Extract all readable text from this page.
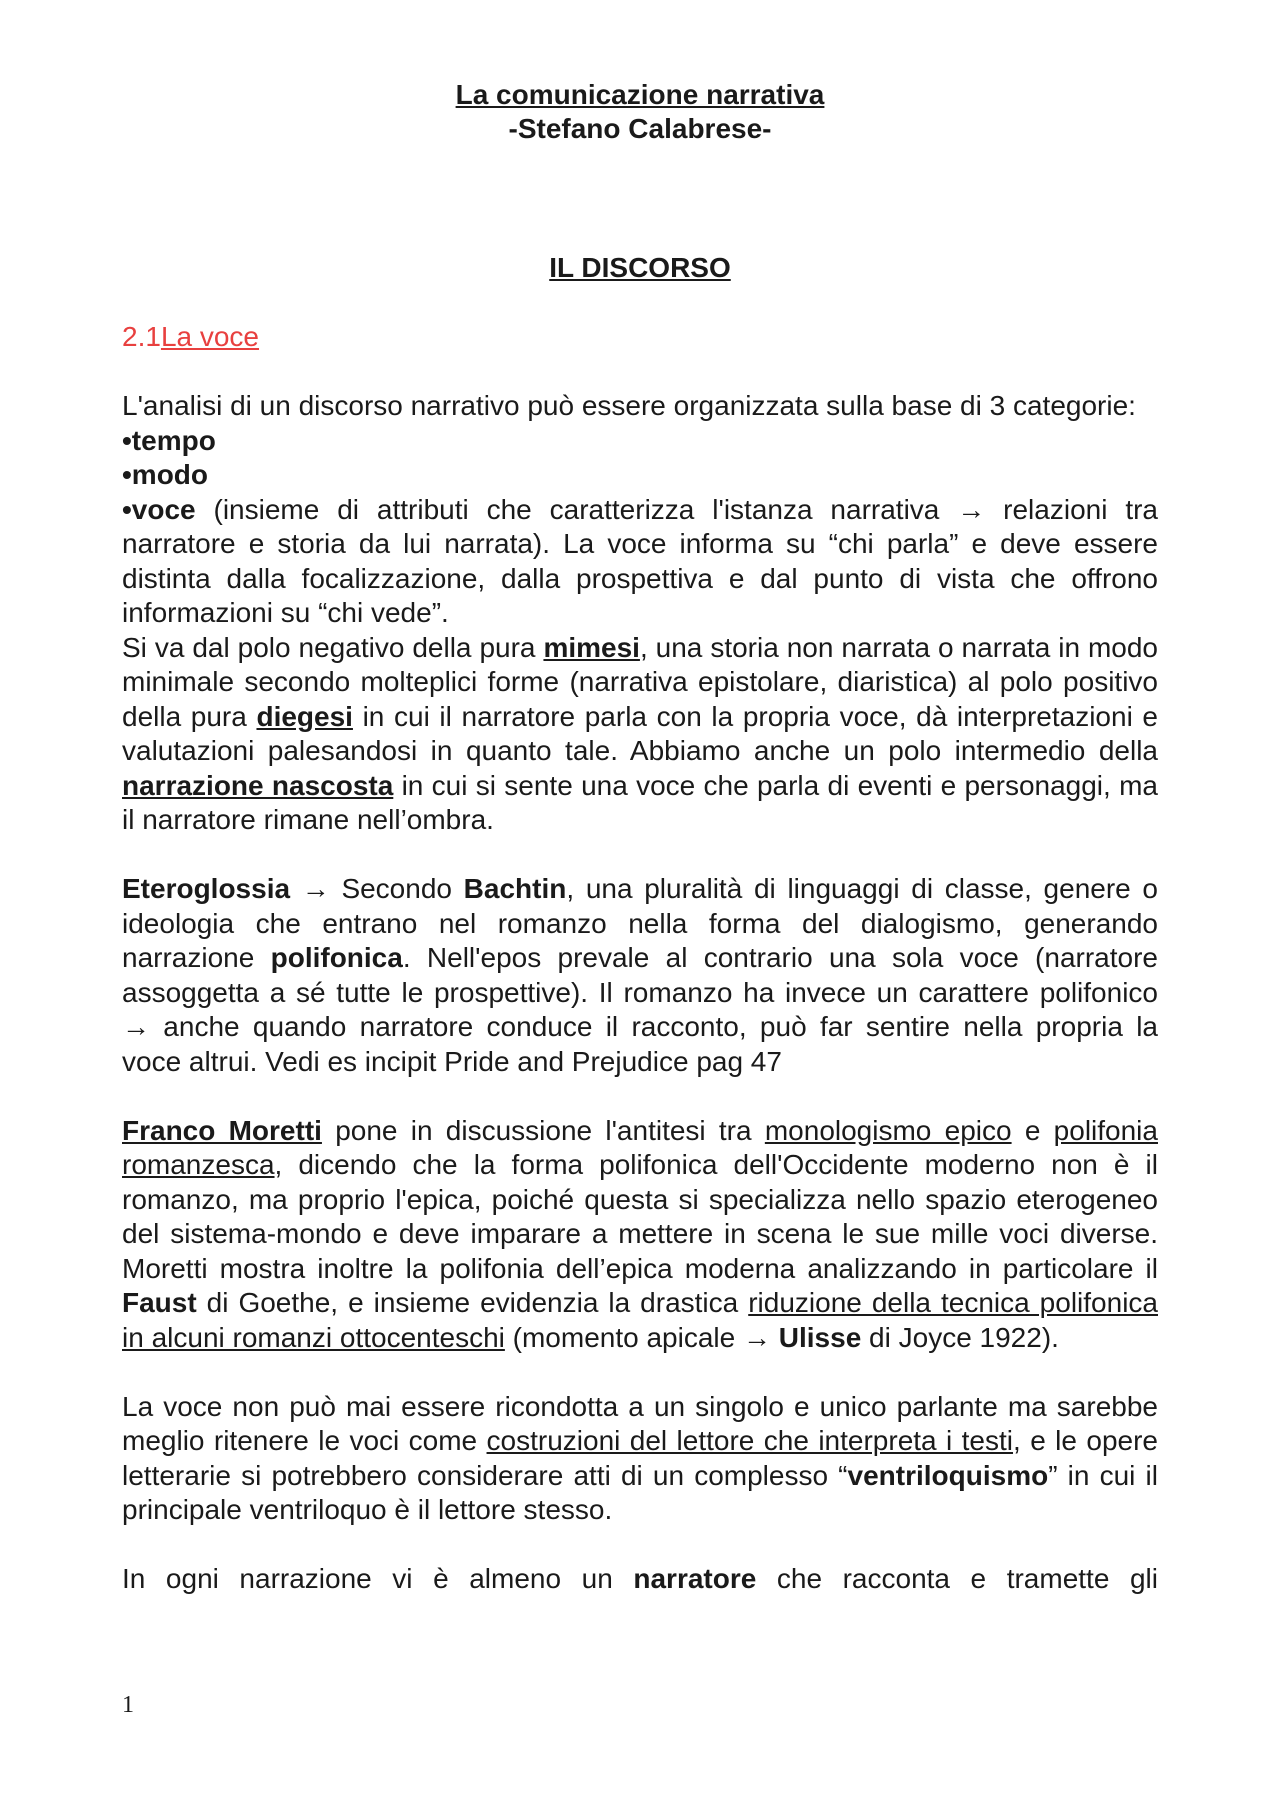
La comunicazione narrativa
-Stefano Calabrese-
IL DISCORSO
2.1La voce

L'analisi di un discorso narrativo può essere organizzata sulla base di 3 categorie:

•tempo
•modo

•voce (insieme di attributi che caratterizza l'istanza narrativa → relazioni tra narratore e storia da lui narrata). La voce informa su “chi parla” e deve essere distinta dalla focalizzazione, dalla prospettiva e dal punto di vista che offrono informazioni su “chi vede”.

Si va dal polo negativo della pura mimesi, una storia non narrata o narrata in modo minimale secondo molteplici forme (narrativa epistolare, diaristica) al polo positivo della pura diegesi in cui il narratore parla con la propria voce, dà interpretazioni e valutazioni palesandosi in quanto tale. Abbiamo anche un polo intermedio della narrazione nascosta in cui si sente una voce che parla di eventi e personaggi, ma il narratore rimane nell’ombra.

Eteroglossia → Secondo Bachtin, una pluralità di linguaggi di classe, genere o ideologia che entrano nel romanzo nella forma del dialogismo, generando narrazione polifonica. Nell'epos prevale al contrario una sola voce (narratore assoggetta a sé tutte le prospettive). Il romanzo ha invece un carattere polifonico → anche quando narratore conduce il racconto, può far sentire nella propria la voce altrui. Vedi es incipit Pride and Prejudice pag 47

Franco Moretti pone in discussione l'antitesi tra monologismo epico e polifonia romanzesca, dicendo che la forma polifonica dell'Occidente moderno non è il romanzo, ma proprio l'epica, poiché questa si specializza nello spazio eterogeneo del sistema-mondo e deve imparare a mettere in scena le sue mille voci diverse. Moretti mostra inoltre la polifonia dell’epica moderna analizzando in particolare il Faust di Goethe, e insieme evidenzia la drastica riduzione della tecnica polifonica in alcuni romanzi ottocenteschi (momento apicale → Ulisse di Joyce 1922).

La voce non può mai essere ricondotta a un singolo e unico parlante ma sarebbe meglio ritenere le voci come costruzioni del lettore che interpreta i testi, e le opere letterarie si potrebbero considerare atti di un complesso “ventriloquismo” in cui il principale ventriloquo è il lettore stesso.

In ogni narrazione vi è almeno un narratore che racconta e tramette gli

1
